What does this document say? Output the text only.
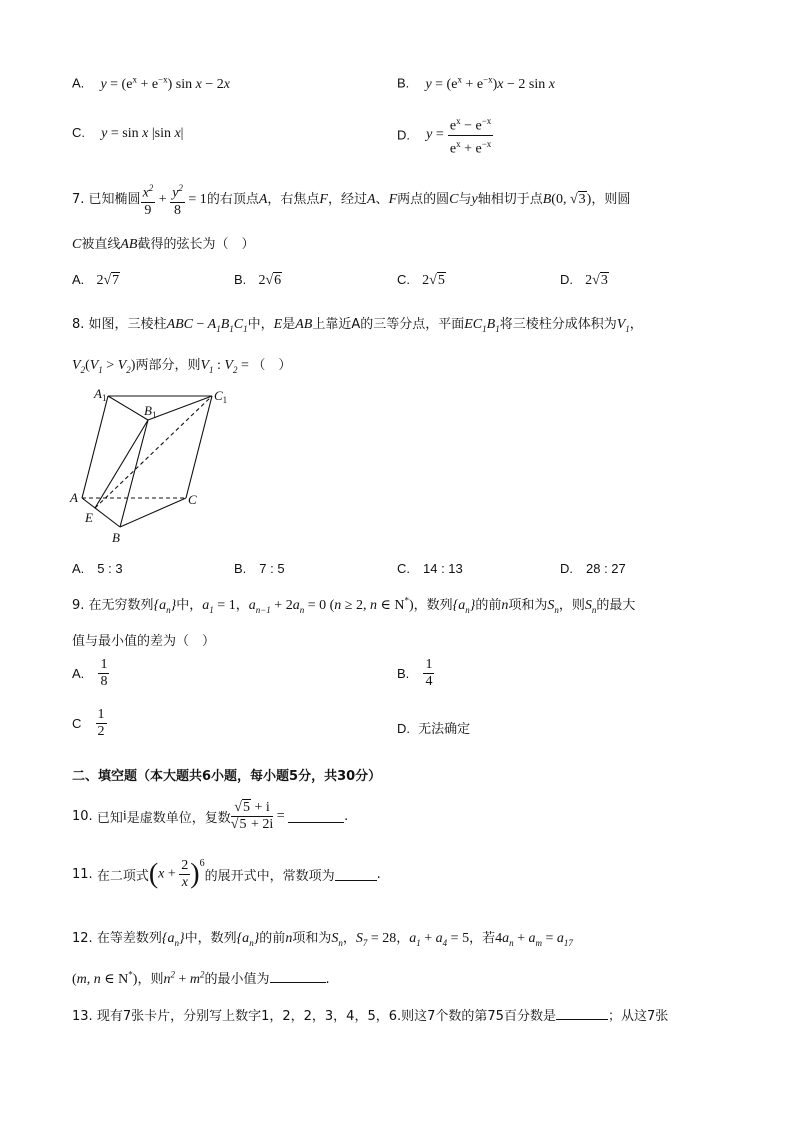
A. $y = (e^x + e^{-x})$ sin x − 2x	B. $y = (e^x + e^{-x})x - 2$ sin x
C. y = sin x |sin x|	D. $y = \frac{e^x - e^{-x}}{e^x + e^{-x}}$
7. 已知椭圆 $\frac{x^2}{9} + \frac{y^2}{8} = 1$的右顶点A，右焦点F，经过A、F两点的圆C与y轴相切于点B(0, √3)，则圆
C被直线AB截得的弦长为（　）
A. 2√7	B. 2√6	C. 2√5	D. 2√3
8. 如图，三棱柱ABC − $A_1B_1C_1$中，E是AB上靠近A的三等分点，平面$EC_1B_1$将三棱柱分成体积为$V_1$，
$V_2(V_1 > V_2)$两部分，则$V_1$ : $V_2$ = （　）
$A_1$
$B_1$
$C_1$
A	C
E
B
A.　5 : 3	B.　7 : 5	C.　14 : 13	D.　28 : 27
9. 在无穷数列$\{a_n\}$中，$a_1 = 1$，$a_{n-1} + 2a_n = 0$ (n ≥ 2, n ∈ N*)，数列$\{a_n\}$的前n项和为$S_n$，则$S_n$的最大
值与最小值的差为（　）
A. $\frac{1}{8}$	B. $\frac{1}{4}$
C $\frac{1}{2}$	D. 无法确定
二、填空题（本大题共6小题，每小题5分，共30分）
10. 已知i是虚数单位，复数 $\frac{√5 + i}{√5 + 2i}$ =	.
11. 在二项式$(x + \frac{2}{x} )^6$的展开式中，常数项为	.
12. 在等差数列$\{a_n\}$中，数列$\{a_n\}$的前n项和为$S_n$，$S_7 = 28$，$a_1 + a_4 = 5$，若$4a_n + a_m = a_{17}$
(m, n ∈ N*)，则$n^2 + m^2$的最小值为	.
13. 现有7张卡片，分别写上数字1，2，2，3，4，5，6.则这7个数的第75百分数是	；从这7张
